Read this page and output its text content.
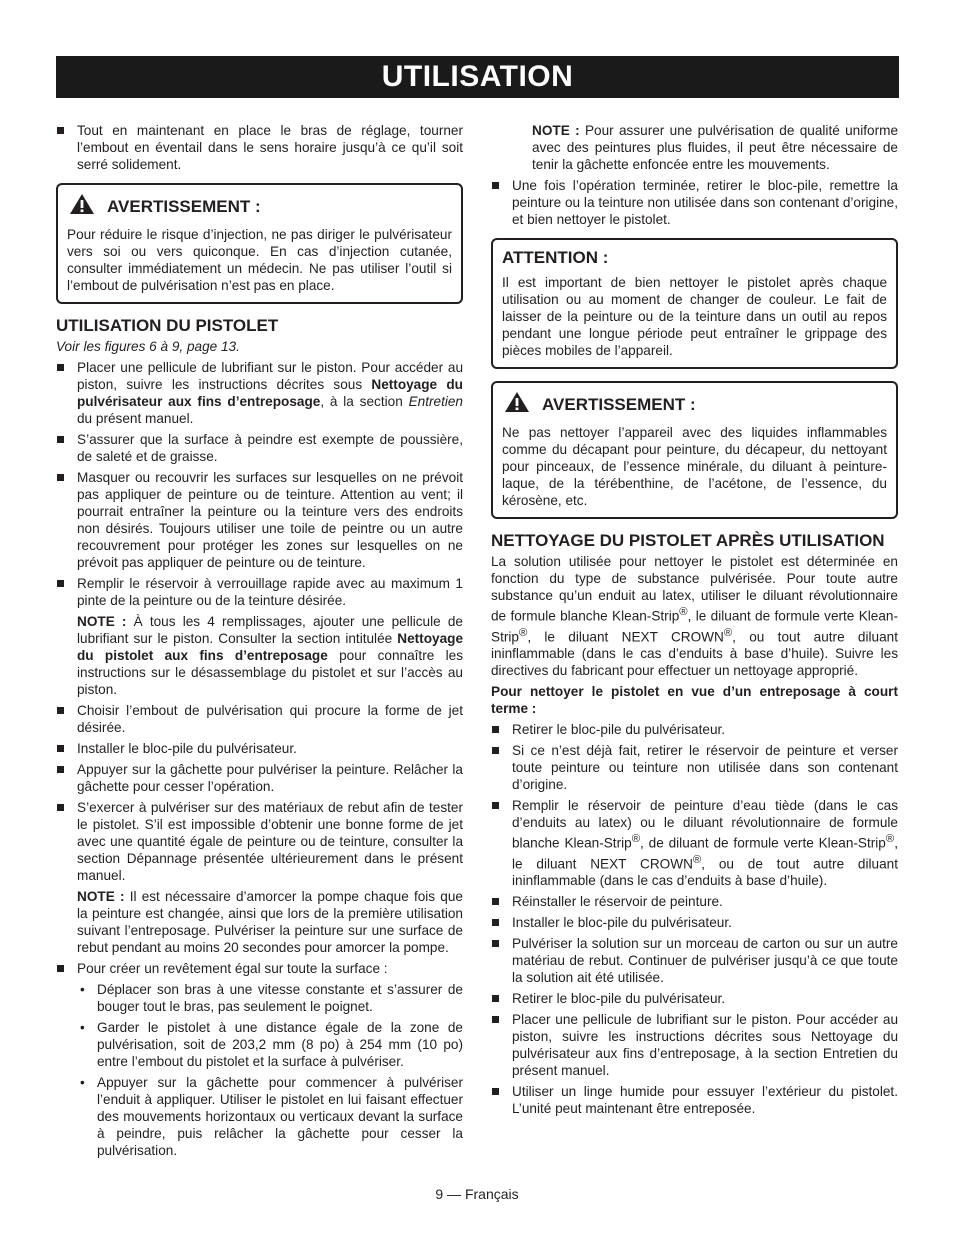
UTILISATION

Tout en maintenant en place le bras de réglage, tourner l’embout en éventail dans le sens horaire jusqu’à ce qu’il soit serré solidement.

AVERTISSEMENT :
Pour réduire le risque d’injection, ne pas diriger le pulvérisateur vers soi ou vers quiconque. En cas d’injection cutanée, consulter immédiatement un médecin. Ne pas utiliser l’outil si l’embout de pulvérisation n’est pas en place.
UTILISATION DU PISTOLET

Voir les figures 6 à 9, page 13.

Placer une pellicule de lubrifiant sur le piston. Pour accéder au piston, suivre les instructions décrites sous Nettoyage du pulvérisateur aux fins d’entreposage, à la section Entretien du présent manuel.

S’assurer que la surface à peindre est exempte de poussière, de saleté et de graisse.

Masquer ou recouvrir les surfaces sur lesquelles on ne prévoit pas appliquer de peinture ou de teinture. Attention au vent; il pourrait entraîner la peinture ou la teinture vers des endroits non désirés. Toujours utiliser une toile de peintre ou un autre recouvrement pour protéger les zones sur lesquelles on ne prévoit pas appliquer de peinture ou de teinture.

Remplir le réservoir à verrouillage rapide avec au maximum 1 pinte de la peinture ou de la teinture désirée.

NOTE : À tous les 4 remplissages, ajouter une pellicule de lubrifiant sur le piston. Consulter la section intitulée Nettoyage du pistolet aux fins d’entreposage pour connaître les instructions sur le désassemblage du pistolet et sur l’accès au piston.

Choisir l’embout de pulvérisation qui procure la forme de jet désirée.

Installer le bloc-pile du pulvérisateur.

Appuyer sur la gâchette pour pulvériser la peinture. Relâcher la gâchette pour cesser l’opération.

S’exercer à pulvériser sur des matériaux de rebut afin de tester le pistolet. S’il est impossible d’obtenir une bonne forme de jet avec une quantité égale de peinture ou de teinture, consulter la section Dépannage présentée ultérieurement dans le présent manuel.

NOTE : Il est nécessaire d’amorcer la pompe chaque fois que la peinture est changée, ainsi que lors de la première utilisation suivant l’entreposage. Pulvériser la peinture sur une surface de rebut pendant au moins 20 secondes pour amorcer la pompe.

Pour créer un revêtement égal sur toute la surface :

• Déplacer son bras à une vitesse constante et s’assurer de bouger tout le bras, pas seulement le poignet.

• Garder le pistolet à une distance égale de la zone de pulvérisation, soit de 203,2 mm (8 po) à 254 mm (10 po) entre l’embout du pistolet et la surface à pulvériser.

• Appuyer sur la gâchette pour commencer à pulvériser l’enduit à appliquer. Utiliser le pistolet en lui faisant effectuer des mouvements horizontaux ou verticaux devant la surface à peindre, puis relâcher la gâchette pour cesser la pulvérisation.

NOTE : Pour assurer une pulvérisation de qualité uniforme avec des peintures plus fluides, il peut être nécessaire de tenir la gâchette enfoncée entre les mouvements.

Une fois l’opération terminée, retirer le bloc-pile, remettre la peinture ou la teinture non utilisée dans son contenant d’origine, et bien nettoyer le pistolet.

ATTENTION :
Il est important de bien nettoyer le pistolet après chaque utilisation ou au moment de changer de couleur. Le fait de laisser de la peinture ou de la teinture dans un outil au repos pendant une longue période peut entraîner le grippage des pièces mobiles de l’appareil.
AVERTISSEMENT :
Ne pas nettoyer l’appareil avec des liquides inflammables comme du décapant pour peinture, du décapeur, du nettoyant pour pinceaux, de l’essence minérale, du diluant à peinture-laque, de la térébenthine, de l’acétone, de l’essence, du kérosène, etc.
NETTOYAGE DU PISTOLET APRÈS UTILISATION

La solution utilisée pour nettoyer le pistolet est déterminée en fonction du type de substance pulvérisée. Pour toute autre substance qu’un enduit au latex, utiliser le diluant révolutionnaire de formule blanche Klean-Strip®, le diluant de formule verte Klean-Strip®, le diluant NEXT CROWN®, ou tout autre diluant ininflammable (dans le cas d’enduits à base d’huile). Suivre les directives du fabricant pour effectuer un nettoyage approprié.

Pour nettoyer le pistolet en vue d’un entreposage à court terme :

Retirer le bloc-pile du pulvérisateur.

Si ce n’est déjà fait, retirer le réservoir de peinture et verser toute peinture ou teinture non utilisée dans son contenant d’origine.

Remplir le réservoir de peinture d’eau tiède (dans le cas d’enduits au latex) ou le diluant révolutionnaire de formule blanche Klean-Strip®, de diluant de formule verte Klean-Strip®, le diluant NEXT CROWN®, ou de tout autre diluant ininflammable (dans le cas d’enduits à base d’huile).

Réinstaller le réservoir de peinture.

Installer le bloc-pile du pulvérisateur.

Pulvériser la solution sur un morceau de carton ou sur un autre matériau de rebut. Continuer de pulvériser jusqu’à ce que toute la solution ait été utilisée.

Retirer le bloc-pile du pulvérisateur.

Placer une pellicule de lubrifiant sur le piston. Pour accéder au piston, suivre les instructions décrites sous Nettoyage du pulvérisateur aux fins d’entreposage, à la section Entretien du présent manuel.

Utiliser un linge humide pour essuyer l’extérieur du pistolet. L’unité peut maintenant être entreposée.

9 — Français
